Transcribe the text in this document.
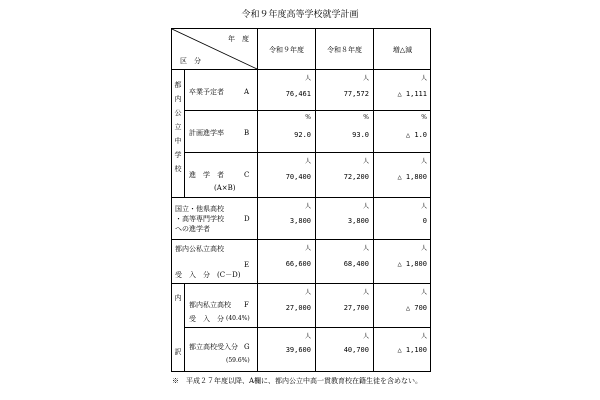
令和９年度高等学校就学計画
年　度
区　分
令和９年度	令和８年度	増△減
都
内
公
立
中
学
校
内
訳
卒業予定者	A
人	人	人
76,461	77,572	△ 1,111
計画進学率	B
%	%	%
92.0	93.0	△ 1.0
進　学　者	C
(A×B)
人	人	人
70,400	72,200	△ 1,800
国立・他県高校
・高等専門学校
への進学者
D
人	人	人
3,800	3,800	0
都内公私立高校
E
受　入　分　(C－D)
人	人	人
66,600	68,400	△ 1,800
都内私立高校 F
受　入　分 (40.4%)
人	人	人
27,000	27,700	△ 700
都立高校受入分 G
(59.6%)
人	人	人
39,600	40,700	△ 1,100
※　平成２７年度以降、A欄に、都内公立中高一貫教育校在籍生徒を含めない。
